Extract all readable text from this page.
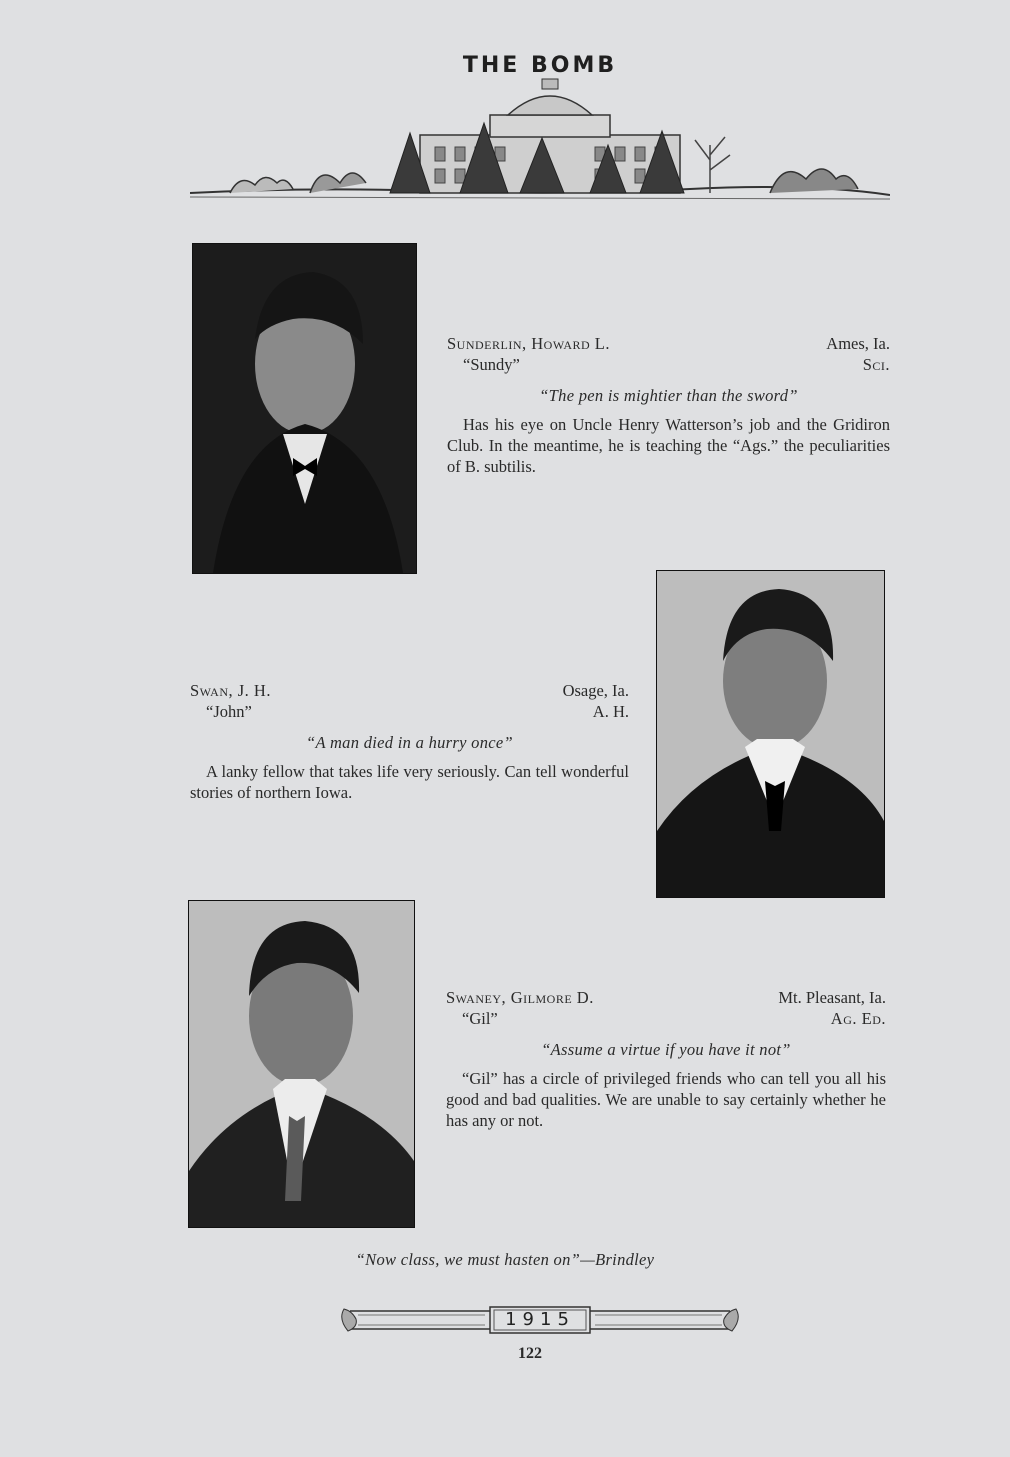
THE BOMB
Sunderlin, Howard L.	Ames, Ia.
“Sundy”	Sci.
“The pen is mightier than the sword”
Has his eye on Uncle Henry Watterson’s job and the Gridiron Club. In the meantime, he is teaching the “Ags.” the peculiarities of B. subtilis.
Swan, J. H.	Osage, Ia.
“John”	A. H.
“A man died in a hurry once”
A lanky fellow that takes life very seriously. Can tell wonderful stories of northern Iowa.
Swaney, Gilmore D.	Mt. Pleasant, Ia.
“Gil”	Ag. Ed.
“Assume a virtue if you have it not”
“Gil” has a circle of privileged friends who can tell you all his good and bad qualities. We are unable to say certainly whether he has any or not.
“Now class, we must hasten on”—Brindley
1915
122
